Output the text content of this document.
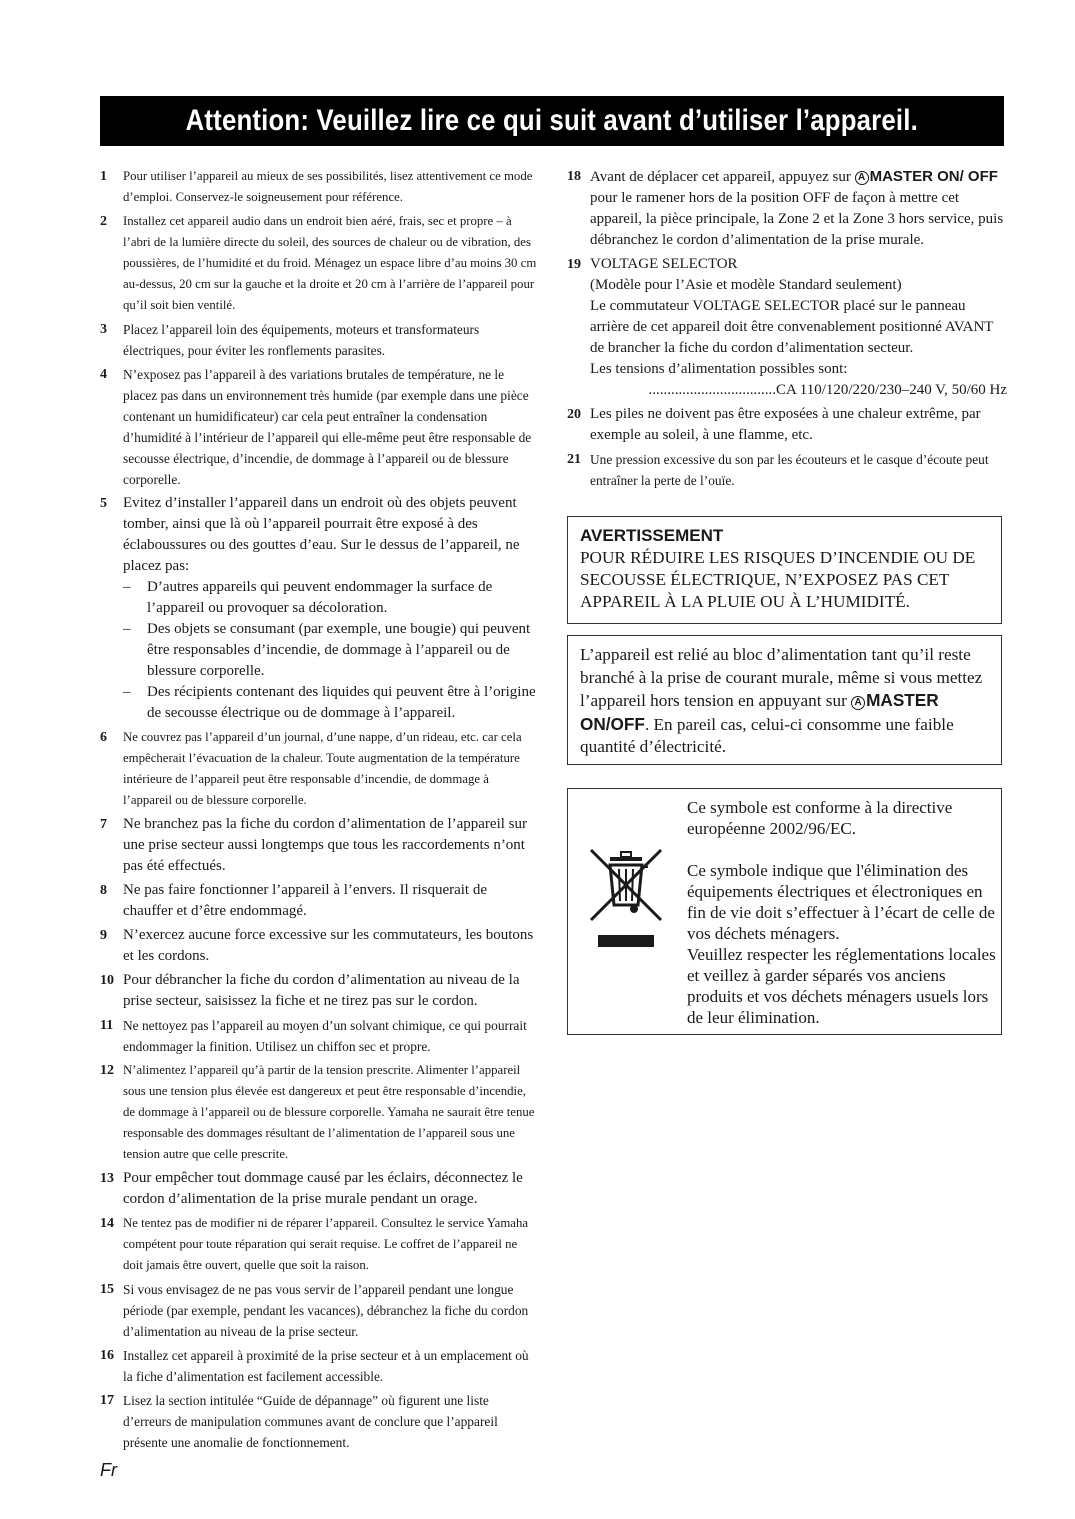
Attention: Veuillez lire ce qui suit avant d’utiliser l’appareil.
1	Pour utiliser l’appareil au mieux de ses possibilités, lisez attentivement ce mode d’emploi. Conservez-le soigneusement pour référence.
2	Installez cet appareil audio dans un endroit bien aéré, frais, sec et propre – à l’abri de la lumière directe du soleil, des sources de chaleur ou de vibration, des poussières, de l’humidité et du froid. Ménagez un espace libre d’au moins 30 cm au-dessus, 20 cm sur la gauche et la droite et 20 cm à l’arrière de l’appareil pour qu’il soit bien ventilé.
3	Placez l’appareil loin des équipements, moteurs et transformateurs électriques, pour éviter les ronflements parasites.
4	N’exposez pas l’appareil à des variations brutales de température, ne le placez pas dans un environnement très humide (par exemple dans une pièce contenant un humidificateur) car cela peut entraîner la condensation d’humidité à l’intérieur de l’appareil qui elle-même peut être responsable de secousse électrique, d’incendie, de dommage à l’appareil ou de blessure corporelle.
5	Evitez d’installer l’appareil dans un endroit où des objets peuvent tomber, ainsi que là où l’appareil pourrait être exposé à des éclaboussures ou des gouttes d’eau. Sur le dessus de l’appareil, ne placez pas:
–	D’autres appareils qui peuvent endommager la surface de l’appareil ou provoquer sa décoloration.
–	Des objets se consumant (par exemple, une bougie) qui peuvent être responsables d’incendie, de dommage à l’appareil ou de blessure corporelle.
–	Des récipients contenant des liquides qui peuvent être à l’origine de secousse électrique ou de dommage à l’appareil.
6	Ne couvrez pas l’appareil d’un journal, d’une nappe, d’un rideau, etc. car cela empêcherait l’évacuation de la chaleur. Toute augmentation de la température intérieure de l’appareil peut être responsable d’incendie, de dommage à l’appareil ou de blessure corporelle.
7	Ne branchez pas la fiche du cordon d’alimentation de l’appareil sur une prise secteur aussi longtemps que tous les raccordements n’ont pas été effectués.
8	Ne pas faire fonctionner l’appareil à l’envers. Il risquerait de chauffer et d’être endommagé.
9	N’exercez aucune force excessive sur les commutateurs, les boutons et les cordons.
10 Pour débrancher la fiche du cordon d’alimentation au niveau de la prise secteur, saisissez la fiche et ne tirez pas sur le cordon.
11 Ne nettoyez pas l’appareil au moyen d’un solvant chimique, ce qui pourrait endommager la finition. Utilisez un chiffon sec et propre.
12 N’alimentez l’appareil qu’à partir de la tension prescrite. Alimenter l’appareil sous une tension plus élevée est dangereux et peut être responsable d’incendie, de dommage à l’appareil ou de blessure corporelle. Yamaha ne saurait être tenue responsable des dommages résultant de l’alimentation de l’appareil sous une tension autre que celle prescrite.
13 Pour empêcher tout dommage causé par les éclairs, déconnectez le cordon d’alimentation de la prise murale pendant un orage.
14 Ne tentez pas de modifier ni de réparer l’appareil. Consultez le service Yamaha compétent pour toute réparation qui serait requise. Le coffret de l’appareil ne doit jamais être ouvert, quelle que soit la raison.
15 Si vous envisagez de ne pas vous servir de l’appareil pendant une longue période (par exemple, pendant les vacances), débranchez la fiche du cordon d’alimentation au niveau de la prise secteur.
16 Installez cet appareil à proximité de la prise secteur et à un emplacement où la fiche d’alimentation est facilement accessible.
17 Lisez la section intitulée “Guide de dépannage” où figurent une liste d’erreurs de manipulation communes avant de conclure que l’appareil présente une anomalie de fonctionnement.
18 Avant de déplacer cet appareil, appuyez sur A MASTER ON/ OFF pour le ramener hors de la position OFF de façon à mettre cet appareil, la pièce principale, la Zone 2 et la Zone 3 hors service, puis débranchez le cordon d’alimentation de la prise murale.
19 VOLTAGE SELECTOR
(Modèle pour l’Asie et modèle Standard seulement)
Le commutateur VOLTAGE SELECTOR placé sur le panneau arrière de cet appareil doit être convenablement positionné AVANT de brancher la fiche du cordon d’alimentation secteur.
Les tensions d’alimentation possibles sont:
..................................CA 110/120/220/230–240 V, 50/60 Hz
20 Les piles ne doivent pas être exposées à une chaleur extrême, par exemple au soleil, à une flamme, etc.
21 Une pression excessive du son par les écouteurs et le casque d’écoute peut entraîner la perte de l’ouïe.
AVERTISSEMENT
POUR RÉDUIRE LES RISQUES D’INCENDIE OU DE SECOUSSE ÉLECTRIQUE, N’EXPOSEZ PAS CET APPAREIL À LA PLUIE OU À L’HUMIDITÉ.
L’appareil est relié au bloc d’alimentation tant qu’il reste branché à la prise de courant murale, même si vous mettez l’appareil hors tension en appuyant sur A MASTER ON/OFF. En pareil cas, celui-ci consomme une faible quantité d’électricité.

Ce symbole est conforme à la directive européenne 2002/96/EC.

Ce symbole indique que l'élimination des équipements électriques et électroniques en fin de vie doit s’effectuer à l’écart de celle de vos déchets ménagers.

Veuillez respecter les réglementations locales et veillez à garder séparés vos anciens produits et vos déchets ménagers usuels lors de leur élimination.

Fr
